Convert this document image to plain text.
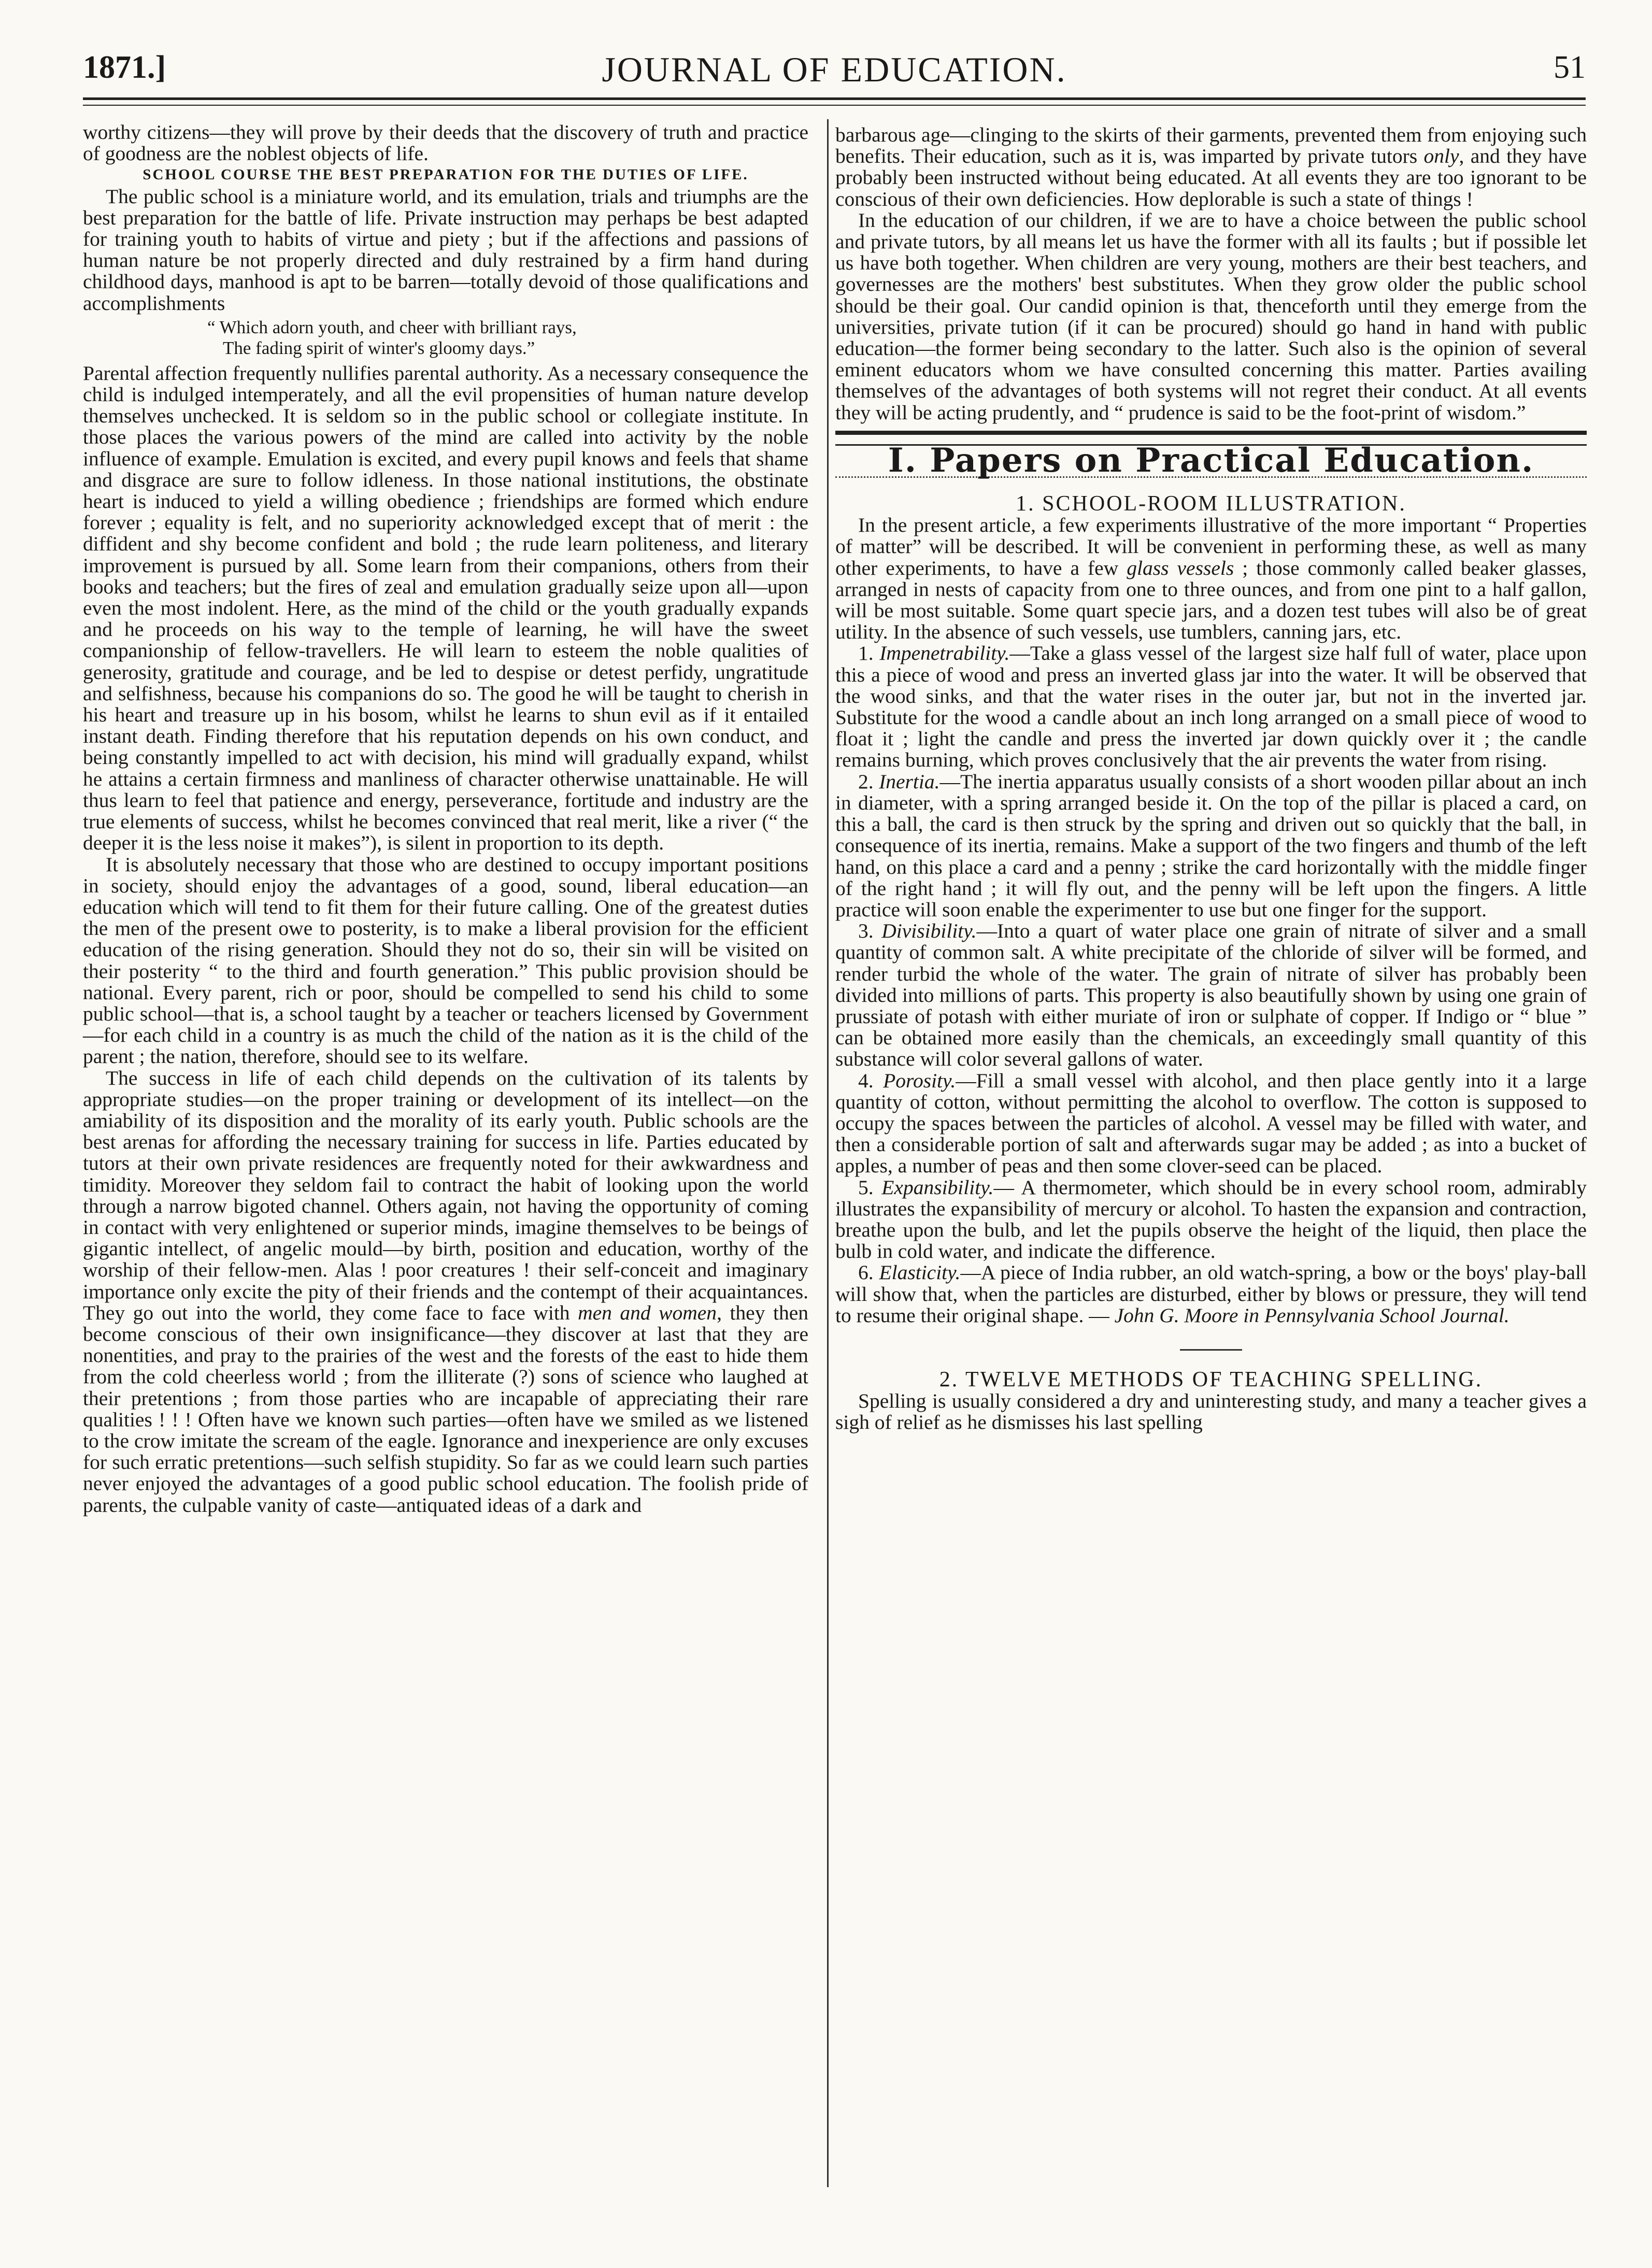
1871.]	JOURNAL OF EDUCATION.	51

worthy citizens—they will prove by their deeds that the discovery of truth and practice of goodness are the noblest objects of life.

SCHOOL COURSE THE BEST PREPARATION FOR THE DUTIES OF LIFE.

The public school is a miniature world, and its emulation, trials and triumphs are the best preparation for the battle of life. Private instruction may perhaps be best adapted for training youth to habits of virtue and piety ; but if the affections and passions of human nature be not properly directed and duly restrained by a firm hand during childhood days, manhood is apt to be barren—totally devoid of those qualifications and accomplishments

“ Which adorn youth, and cheer with brilliant rays,
The fading spirit of winter's gloomy days.”

Parental affection frequently nullifies parental authority. As a necessary consequence the child is indulged intemperately, and all the evil propensities of human nature develop themselves unchecked. It is seldom so in the public school or collegiate institute. In those places the various powers of the mind are called into activity by the noble influence of example. Emulation is excited, and every pupil knows and feels that shame and disgrace are sure to follow idleness. In those national institutions, the obstinate heart is induced to yield a willing obedience ; friendships are formed which endure forever ; equality is felt, and no superiority acknowledged except that of merit : the diffident and shy become confident and bold ; the rude learn politeness, and literary improvement is pursued by all. Some learn from their companions, others from their books and teachers; but the fires of zeal and emulation gradually seize upon all—upon even the most indolent. Here, as the mind of the child or the youth gradually expands and he proceeds on his way to the temple of learning, he will have the sweet companionship of fellow-travellers. He will learn to esteem the noble qualities of generosity, gratitude and courage, and be led to despise or detest perfidy, ungratitude and selfishness, because his companions do so. The good he will be taught to cherish in his heart and treasure up in his bosom, whilst he learns to shun evil as if it entailed instant death. Finding therefore that his reputation depends on his own conduct, and being constantly impelled to act with decision, his mind will gradually expand, whilst he attains a certain firmness and manliness of character otherwise unattainable. He will thus learn to feel that patience and energy, perseverance, fortitude and industry are the true elements of success, whilst he becomes convinced that real merit, like a river (“ the deeper it is the less noise it makes”), is silent in proportion to its depth.

It is absolutely necessary that those who are destined to occupy important positions in society, should enjoy the advantages of a good, sound, liberal education—an education which will tend to fit them for their future calling. One of the greatest duties the men of the present owe to posterity, is to make a liberal provision for the efficient education of the rising generation. Should they not do so, their sin will be visited on their posterity “ to the third and fourth generation.” This public provision should be national. Every parent, rich or poor, should be compelled to send his child to some public school—that is, a school taught by a teacher or teachers licensed by Government—for each child in a country is as much the child of the nation as it is the child of the parent ; the nation, therefore, should see to its welfare.

The success in life of each child depends on the cultivation of its talents by appropriate studies—on the proper training or development of its intellect—on the amiability of its disposition and the morality of its early youth. Public schools are the best arenas for affording the necessary training for success in life. Parties educated by tutors at their own private residences are frequently noted for their awkwardness and timidity. Moreover they seldom fail to contract the habit of looking upon the world through a narrow bigoted channel. Others again, not having the opportunity of coming in contact with very enlightened or superior minds, imagine themselves to be beings of gigantic intellect, of angelic mould—by birth, position and education, worthy of the worship of their fellow-men. Alas ! poor creatures ! their self-conceit and imaginary importance only excite the pity of their friends and the contempt of their acquaintances. They go out into the world, they come face to face with men and women, they then become conscious of their own insignificance—they discover at last that they are nonentities, and pray to the prairies of the west and the forests of the east to hide them from the cold cheerless world ; from the illiterate (?) sons of science who laughed at their pretentions ; from those parties who are incapable of appreciating their rare qualities ! ! ! Often have we known such parties—often have we smiled as we listened to the crow imitate the scream of the eagle. Ignorance and inexperience are only excuses for such erratic pretentions—such selfish stupidity. So far as we could learn such parties never enjoyed the advantages of a good public school education. The foolish pride of parents, the culpable vanity of caste—antiquated ideas of a dark and

barbarous age—clinging to the skirts of their garments, prevented them from enjoying such benefits. Their education, such as it is, was imparted by private tutors only, and they have probably been instructed without being educated. At all events they are too ignorant to be conscious of their own deficiencies. How deplorable is such a state of things !

In the education of our children, if we are to have a choice between the public school and private tutors, by all means let us have the former with all its faults ; but if possible let us have both together. When children are very young, mothers are their best teachers, and governesses are the mothers' best substitutes. When they grow older the public school should be their goal. Our candid opinion is that, thenceforth until they emerge from the universities, private tution (if it can be procured) should go hand in hand with public education—the former being secondary to the latter. Such also is the opinion of several eminent educators whom we have consulted concerning this matter. Parties availing themselves of the advantages of both systems will not regret their conduct. At all events they will be acting prudently, and “ prudence is said to be the foot-print of wisdom.”

I. Papers on Practical Education.

1. SCHOOL-ROOM ILLUSTRATION.

In the present article, a few experiments illustrative of the more important “ Properties of matter” will be described. It will be convenient in performing these, as well as many other experiments, to have a few glass vessels ; those commonly called beaker glasses, arranged in nests of capacity from one to three ounces, and from one pint to a half gallon, will be most suitable. Some quart specie jars, and a dozen test tubes will also be of great utility. In the absence of such vessels, use tumblers, canning jars, etc.

1. Impenetrability.—Take a glass vessel of the largest size half full of water, place upon this a piece of wood and press an inverted glass jar into the water. It will be observed that the wood sinks, and that the water rises in the outer jar, but not in the inverted jar. Substitute for the wood a candle about an inch long arranged on a small piece of wood to float it ; light the candle and press the inverted jar down quickly over it ; the candle remains burning, which proves conclusively that the air prevents the water from rising.

2. Inertia.—The inertia apparatus usually consists of a short wooden pillar about an inch in diameter, with a spring arranged beside it. On the top of the pillar is placed a card, on this a ball, the card is then struck by the spring and driven out so quickly that the ball, in consequence of its inertia, remains. Make a support of the two fingers and thumb of the left hand, on this place a card and a penny ; strike the card horizontally with the middle finger of the right hand ; it will fly out, and the penny will be left upon the fingers. A little practice will soon enable the experimenter to use but one finger for the support.

3. Divisibility.—Into a quart of water place one grain of nitrate of silver and a small quantity of common salt. A white precipitate of the chloride of silver will be formed, and render turbid the whole of the water. The grain of nitrate of silver has probably been divided into millions of parts. This property is also beautifully shown by using one grain of prussiate of potash with either muriate of iron or sulphate of copper. If Indigo or “ blue ” can be obtained more easily than the chemicals, an exceedingly small quantity of this substance will color several gallons of water.

4. Porosity.—Fill a small vessel with alcohol, and then place gently into it a large quantity of cotton, without permitting the alcohol to overflow. The cotton is supposed to occupy the spaces between the particles of alcohol. A vessel may be filled with water, and then a considerable portion of salt and afterwards sugar may be added ; as into a bucket of apples, a number of peas and then some clover-seed can be placed.

5. Expansibility.— A thermometer, which should be in every school room, admirably illustrates the expansibility of mercury or alcohol. To hasten the expansion and contraction, breathe upon the bulb, and let the pupils observe the height of the liquid, then place the bulb in cold water, and indicate the difference.

6. Elasticity.—A piece of India rubber, an old watch-spring, a bow or the boys' play-ball will show that, when the particles are disturbed, either by blows or pressure, they will tend to resume their original shape. — John G. Moore in Pennsylvania School Journal.

2. TWELVE METHODS OF TEACHING SPELLING.

Spelling is usually considered a dry and uninteresting study, and many a teacher gives a sigh of relief as he dismisses his last spelling
